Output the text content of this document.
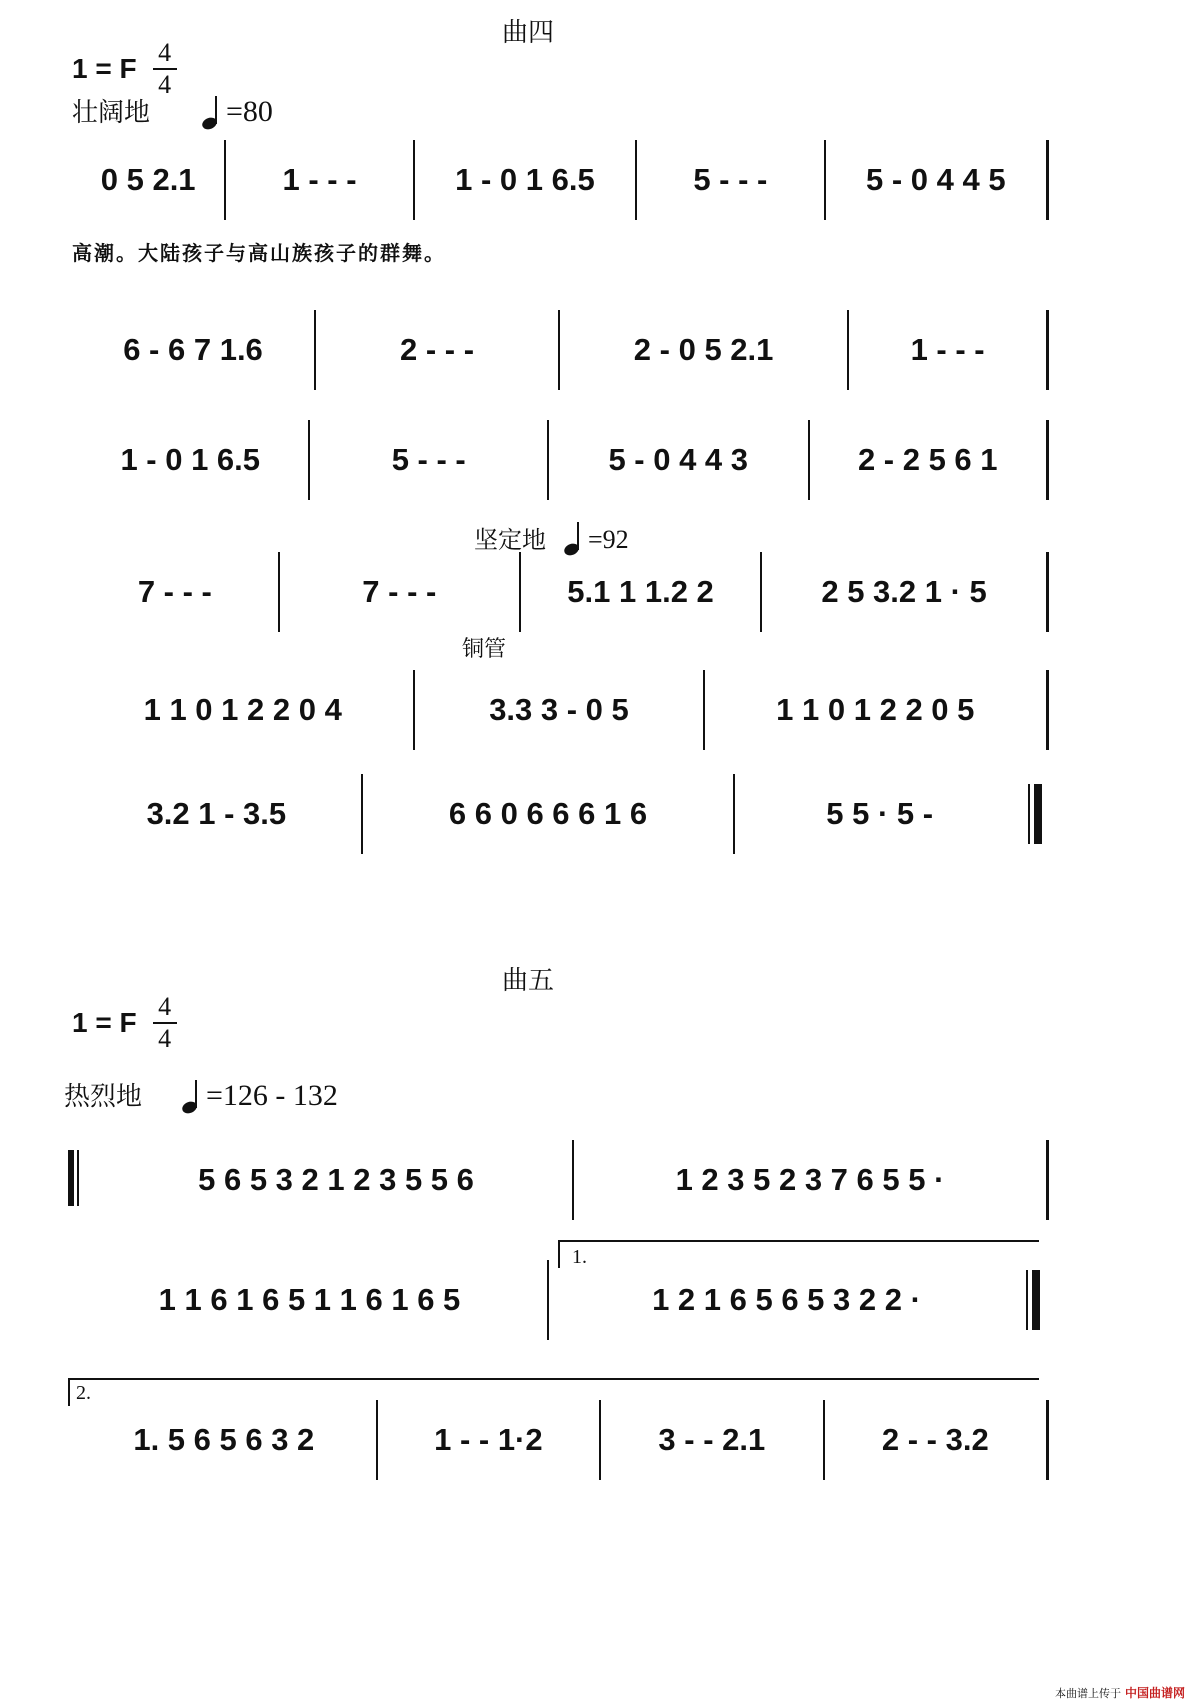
曲四
1 = F $\frac{4}{4}$
壮阔地	=80
0 5 2.1	1 - - -	1 - 0 1 6.5	5 - - -	5 - 0 4 4 5
高潮。大陆孩子与高山族孩子的群舞。
6 - 6 7 1.6	2 - - -	2 - 0 5 2.1	1 - - -
1 - 0 1 6.5	5 - - -	5 - 0 4 4 3	2 - 2 5 6 1
坚定地 =92
7 - - -	7 - - -	5.1 1 1.2 2	2 5 3.2 1 · 5
铜管
1 1 0 1 2 2 0 4	3.3 3 - 0 5	1 1 0 1 2 2 0 5
3.2 1 - 3.5	6 6 0 6 6 6 1 6	5 5 · 5 -
曲五
1 = F $\frac{4}{4}$
热烈地 =126 - 132
5 6 5 3 2 1 2 3 5 5 6	1 2 3 5 2 3 7 6 5 5 ·
1.
1 1 6 1 6 5 1 1 6 1 6 5	1 2 1 6 5 6 5 3 2 2 ·
2.
1. 5 6 5 6 3 2	1 - - 1·2	3 - - 2.1	2 - - 3.2
本曲谱上传于 中国曲谱网
